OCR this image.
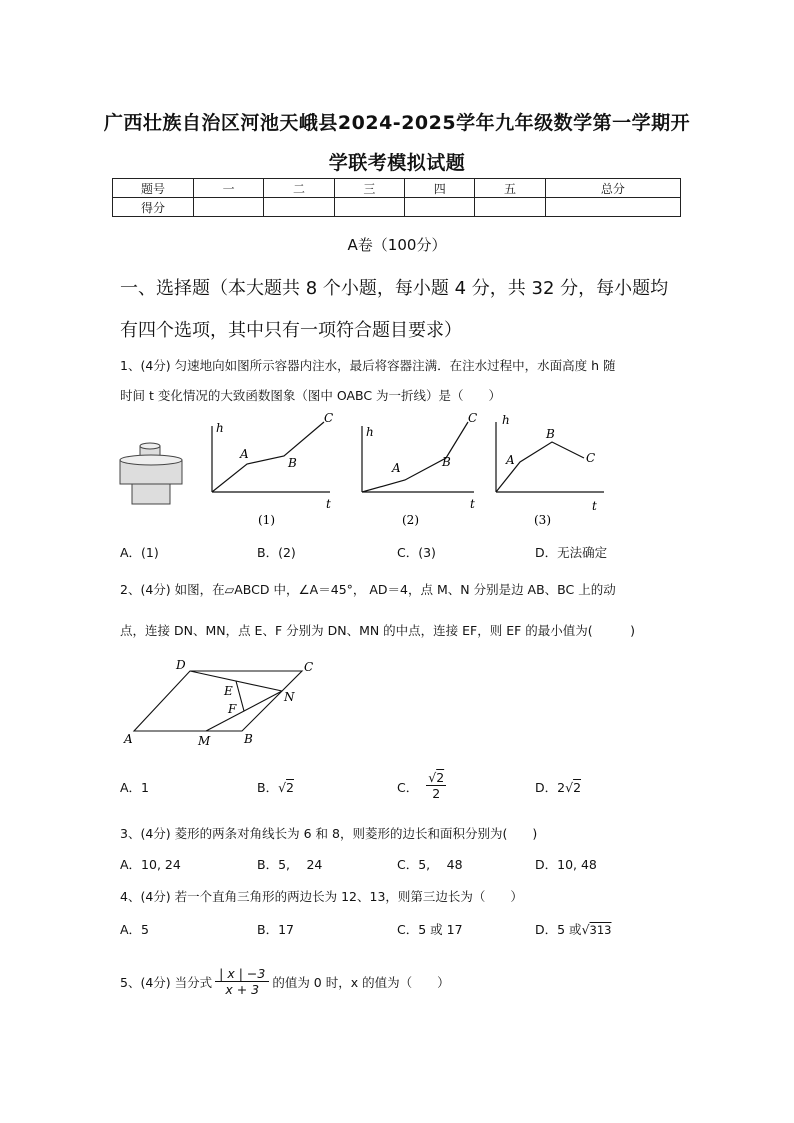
广西壮族自治区河池天峨县2024-2025学年九年级数学第一学期开
学联考模拟试题
题号	一	二	三	四	五	总分
得分						
A卷（100分）
一、选择题（本大题共 8 个小题，每小题 4 分，共 32 分，每小题均
有四个选项，其中只有一项符合题目要求）
1、(4分) 匀速地向如图所示容器内注水，最后将容器注满．在注水过程中，水面高度 h 随
时间 t 变化情况的大致函数图象（图中 OABC 为一折线）是（　　）
h
t
A
B
C
(1)
h
t
A	B
C
(2)
h
t
A
B
C
(3)
A．(1)	B．(2)	C．(3)	D．无法确定
2、(4分) 如图，在▱ABCD 中，∠A＝45°， AD＝4，点 M、N 分别是边 AB、BC 上的动
点，连接 DN、MN，点 E、F 分别为 DN、MN 的中点，连接 EF，则 EF 的最小值为(　　　)
A	B
C
D
E
F
M
N
A．1	B．√2	C． $\frac{√2}{2}$	D．2√2
3、(4分) 菱形的两条对角线长为 6 和 8，则菱形的边长和面积分别为(　　)
A．10, 24	B．5,　 24	C．5,　 48	D．10, 48
4、(4分) 若一个直角三角形的两边长为 12、13，则第三边长为（　　）
A．5	B．17	C．5 或 17	D．5 或√313
5、(4分) 当分式 $\frac{| x | -3}{x + 3}$ 的值为 0 时，x 的值为（　　）
